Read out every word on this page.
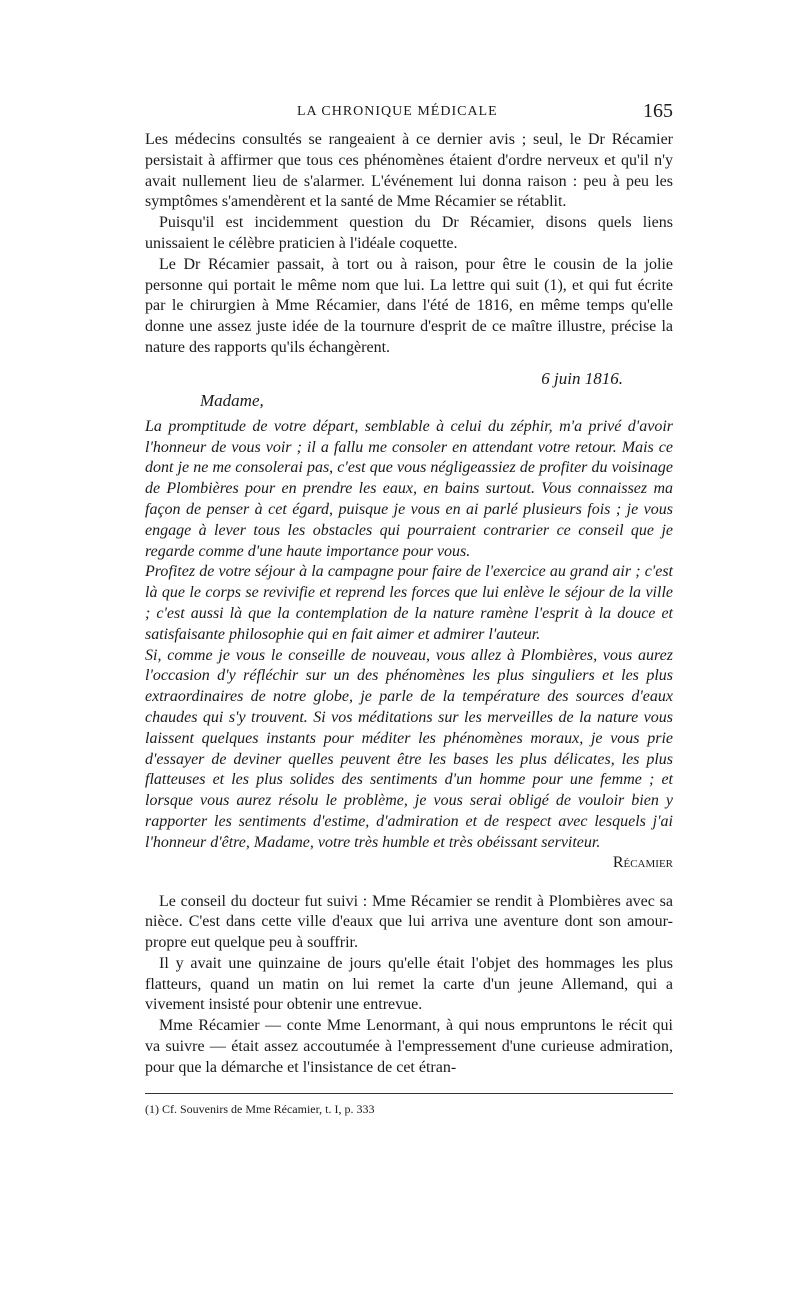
LA CHRONIQUE MÉDICALE	165

Les médecins consultés se rangeaient à ce dernier avis ; seul, le Dr Récamier persistait à affirmer que tous ces phénomènes étaient d'ordre nerveux et qu'il n'y avait nullement lieu de s'alarmer. L'événement lui donna raison : peu à peu les symptômes s'amendèrent et la santé de Mme Récamier se rétablit.

Puisqu'il est incidemment question du Dr Récamier, disons quels liens unissaient le célèbre praticien à l'idéale coquette.

Le Dr Récamier passait, à tort ou à raison, pour être le cousin de la jolie personne qui portait le même nom que lui. La lettre qui suit (1), et qui fut écrite par le chirurgien à Mme Récamier, dans l'été de 1816, en même temps qu'elle donne une assez juste idée de la tournure d'esprit de ce maître illustre, précise la nature des rapports qu'ils échangèrent.

6 juin 1816.
Madame,

La promptitude de votre départ, semblable à celui du zéphir, m'a privé d'avoir l'honneur de vous voir ; il a fallu me consoler en attendant votre retour. Mais ce dont je ne me consolerai pas, c'est que vous négligeassiez de profiter du voisinage de Plombières pour en prendre les eaux, en bains surtout. Vous connaissez ma façon de penser à cet égard, puisque je vous en ai parlé plusieurs fois ; je vous engage à lever tous les obstacles qui pourraient contrarier ce conseil que je regarde comme d'une haute importance pour vous.

Profitez de votre séjour à la campagne pour faire de l'exercice au grand air ; c'est là que le corps se revivifie et reprend les forces que lui enlève le séjour de la ville ; c'est aussi là que la contemplation de la nature ramène l'esprit à la douce et satisfaisante philosophie qui en fait aimer et admirer l'auteur.

Si, comme je vous le conseille de nouveau, vous allez à Plombières, vous aurez l'occasion d'y réfléchir sur un des phénomènes les plus singuliers et les plus extraordinaires de notre globe, je parle de la température des sources d'eaux chaudes qui s'y trouvent. Si vos méditations sur les merveilles de la nature vous laissent quelques instants pour méditer les phénomènes moraux, je vous prie d'essayer de deviner quelles peuvent être les bases les plus délicates, les plus flatteuses et les plus solides des sentiments d'un homme pour une femme ; et lorsque vous aurez résolu le problème, je vous serai obligé de vouloir bien y rapporter les sentiments d'estime, d'admiration et de respect avec lesquels j'ai l'honneur d'être, Madame, votre très humble et très obéissant serviteur.

Récamier

Le conseil du docteur fut suivi : Mme Récamier se rendit à Plombières avec sa nièce. C'est dans cette ville d'eaux que lui arriva une aventure dont son amour-propre eut quelque peu à souffrir.

Il y avait une quinzaine de jours qu'elle était l'objet des hommages les plus flatteurs, quand un matin on lui remet la carte d'un jeune Allemand, qui a vivement insisté pour obtenir une entrevue.

Mme Récamier — conte Mme Lenormant, à qui nous empruntons le récit qui va suivre — était assez accoutumée à l'empressement d'une curieuse admiration, pour que la démarche et l'insistance de cet étran-

(1) Cf. Souvenirs de Mme Récamier, t. I, p. 333
